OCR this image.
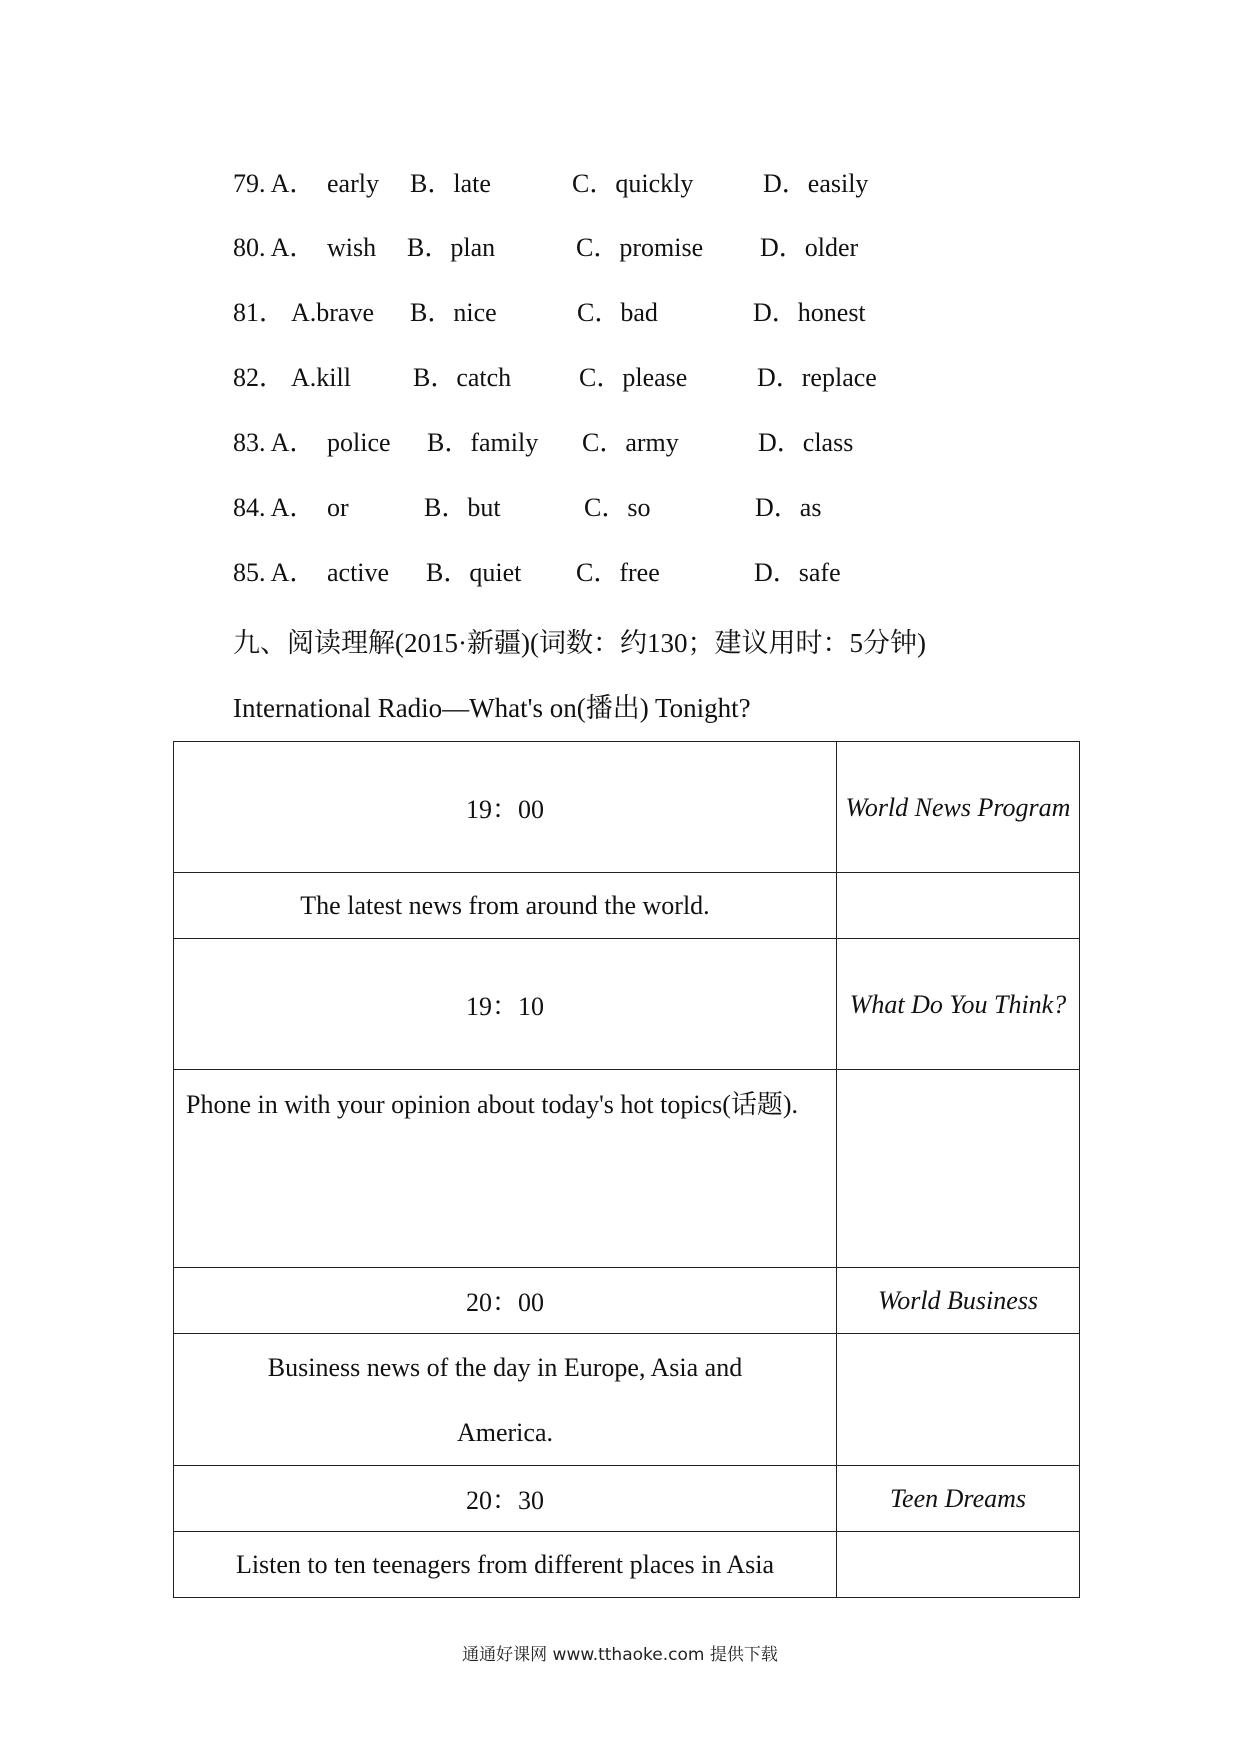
79. A． early B．late	C．quickly	D．easily
80. A． wish B．plan	C．promise D．older
81． A.brave B．nice	C．bad	D．honest
82． A.kill B．catch	C．please	D．replace
83. A． police B．family C．army	D．class
84. A． or	B．but	C．so	D．as
85. A． active B．quiet C．free	D．safe
九、阅读理解(2015·新疆)(词数：约130；建议用时：5分钟)
International Radio—What's on(播出) Tonight?
19：00	World News Program
The latest news from around the world.	
19：10	What Do You Think?
Phone in with your opinion about today's hot topics(话题).	
20：00	World Business
Business news of the day in Europe, Asia and America.	
20：30	Teen Dreams
Listen to ten teenagers from different places in Asia	
通通好课网 www.tthaoke.com 提供下载
